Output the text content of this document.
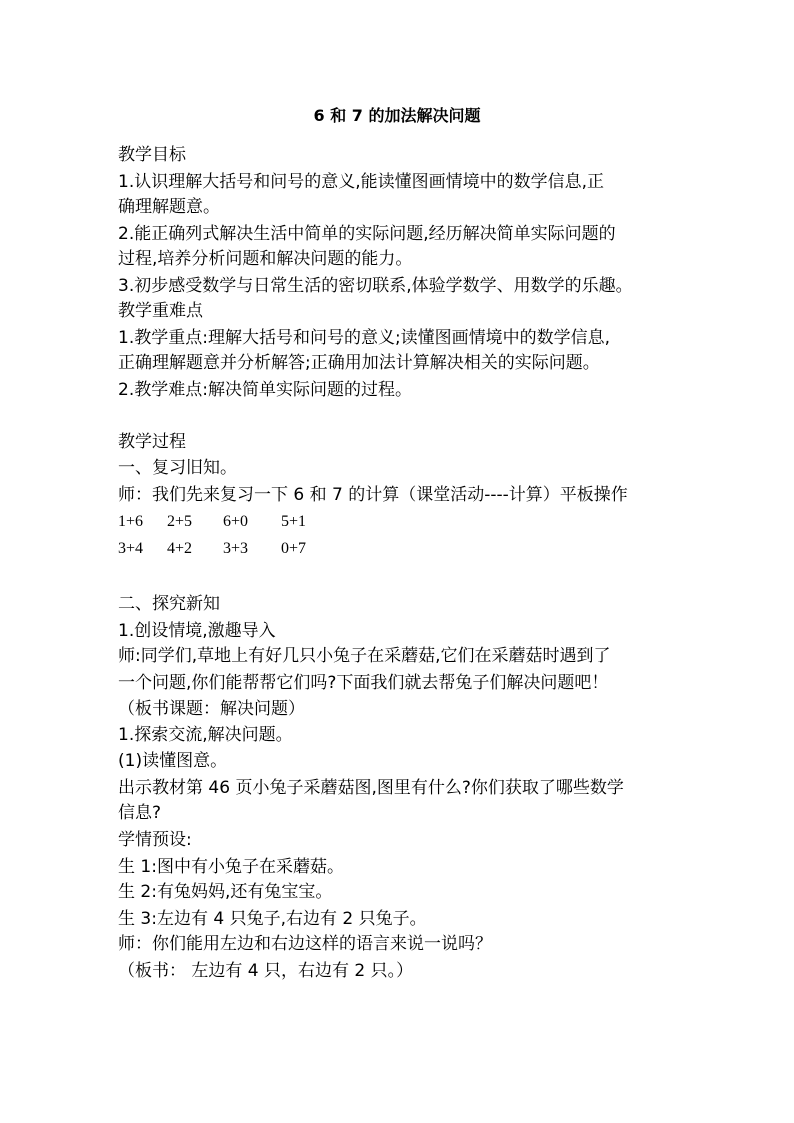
6 和 7 的加法解决问题
教学目标
1.认识理解大括号和问号的意义,能读懂图画情境中的数学信息,正
确理解题意。
2.能正确列式解决生活中简单的实际问题,经历解决简单实际问题的
过程,培养分析问题和解决问题的能力。
3.初步感受数学与日常生活的密切联系,体验学数学、用数学的乐趣。
教学重难点
1.教学重点:理解大括号和问号的意义;读懂图画情境中的数学信息,
正确理解题意并分析解答;正确用加法计算解决相关的实际问题。
2.教学难点:解决简单实际问题的过程。
教学过程
一、复习旧知。
师：我们先来复习一下 6 和 7 的计算（课堂活动----计算）平板操作
1+6 2+5 6+0 5+1
3+4 4+2 3+3 0+7
二、探究新知
1.创设情境,激趣导入
师:同学们,草地上有好几只小兔子在采蘑菇,它们在采蘑菇时遇到了
一个问题,你们能帮帮它们吗?下面我们就去帮兔子们解决问题吧！
（板书课题：解决问题）
1.探索交流,解决问题。
(1)读懂图意。
出示教材第 46 页小兔子采蘑菇图,图里有什么?你们获取了哪些数学
信息?
学情预设:
生 1:图中有小兔子在采蘑菇。
生 2:有兔妈妈,还有兔宝宝。
生 3:左边有 4 只兔子,右边有 2 只兔子。
师：你们能用左边和右边这样的语言来说一说吗？
（板书： 左边有 4 只，右边有 2 只。）
